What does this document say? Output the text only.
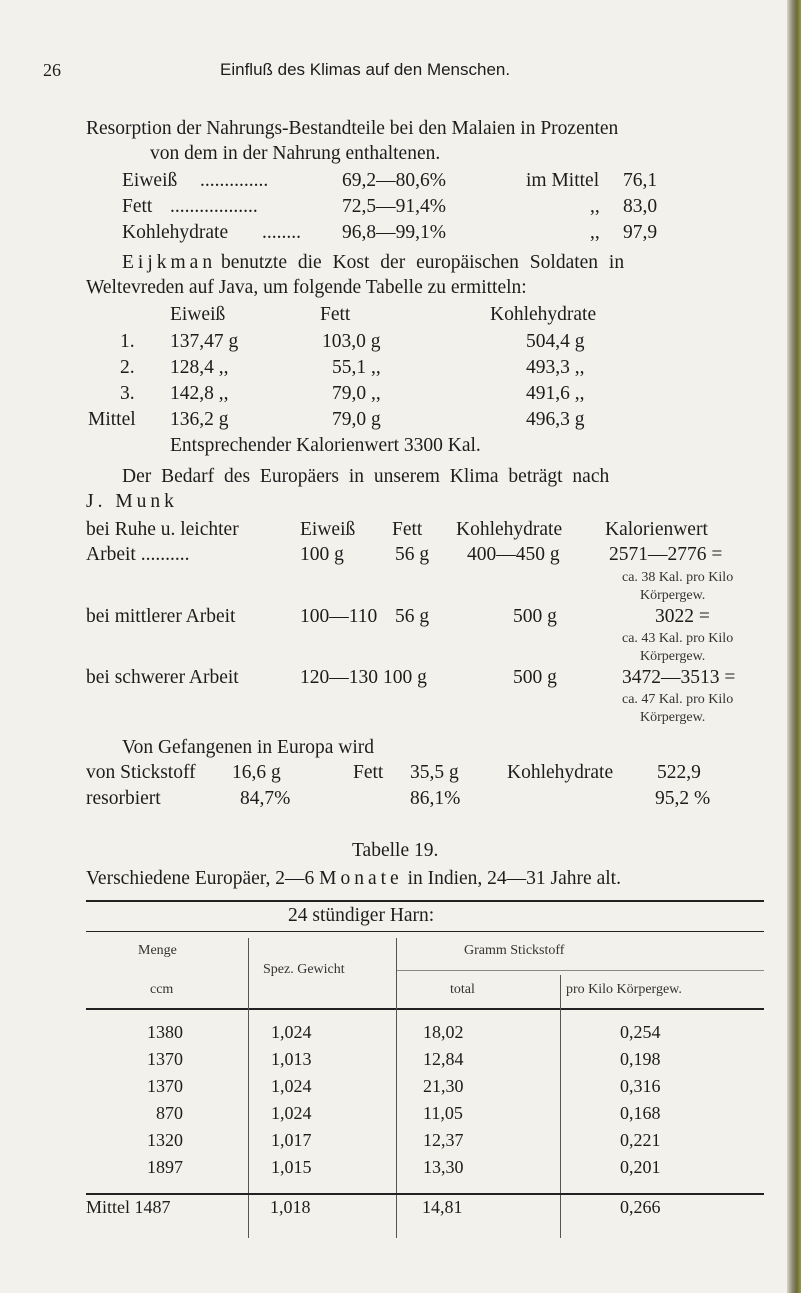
26	Einfluß des Klimas auf den Menschen.
Resorption der Nahrungs-Bestandteile bei den Malaien in Prozenten
von dem in der Nahrung enthaltenen.
Eiweiß ..............	69,2—80,6%	im Mittel 76,1
Fett ..................	72,5—91,4%	,, 83,0
Kohlehydrate ........ 96,8—99,1%	,, 97,9
Eijkman benutzte die Kost der europäischen Soldaten in
Weltevreden auf Java, um folgende Tabelle zu ermitteln:
Eiweiß	Fett	Kohlehydrate
1. 137,47 g	103,0 g	504,4 g
2. 128,4 ,,	55,1 ,,	493,3 ,,
3. 142,8 ,,	79,0 ,,	491,6 ,,
Mittel 136,2 g	79,0 g	496,3 g
Entsprechender Kalorienwert 3300 Kal.
Der Bedarf des Europäers in unserem Klima beträgt nach
J. Munk
Eiweiß Fett Kohlehydrate Kalorienwert
bei Ruhe u. leichter
Arbeit ..........	100 g	56 g 400—450 g	2571—2776 =
ca. 38 Kal. pro Kilo
Körpergew.
bei mittlerer Arbeit	100—110 56 g	500 g	3022 =
ca. 43 Kal. pro Kilo
Körpergew.
bei schwerer Arbeit	120—130 100 g	500 g	3472—3513 =
ca. 47 Kal. pro Kilo
Körpergew.
Von Gefangenen in Europa wird
von Stickstoff 16,6 g	Fett 35,5 g Kohlehydrate 522,9
resorbiert	84,7%	86,1%	95,2 %
Tabelle 19.
Verschiedene Europäer, 2—6 Monate in Indien, 24—31 Jahre alt.
24 stündiger Harn:
Menge
ccm
Spez. Gewicht
Gramm Stickstoff
total	pro Kilo Körpergew.
1380	1,024	18,02	0,254
1370	1,013	12,84	0,198
1370	1,024	21,30	0,316
870	1,024	11,05	0,168
1320	1,017	12,37	0,221
1897	1,015	13,30	0,201
Mittel 1487	1,018	14,81	0,266
